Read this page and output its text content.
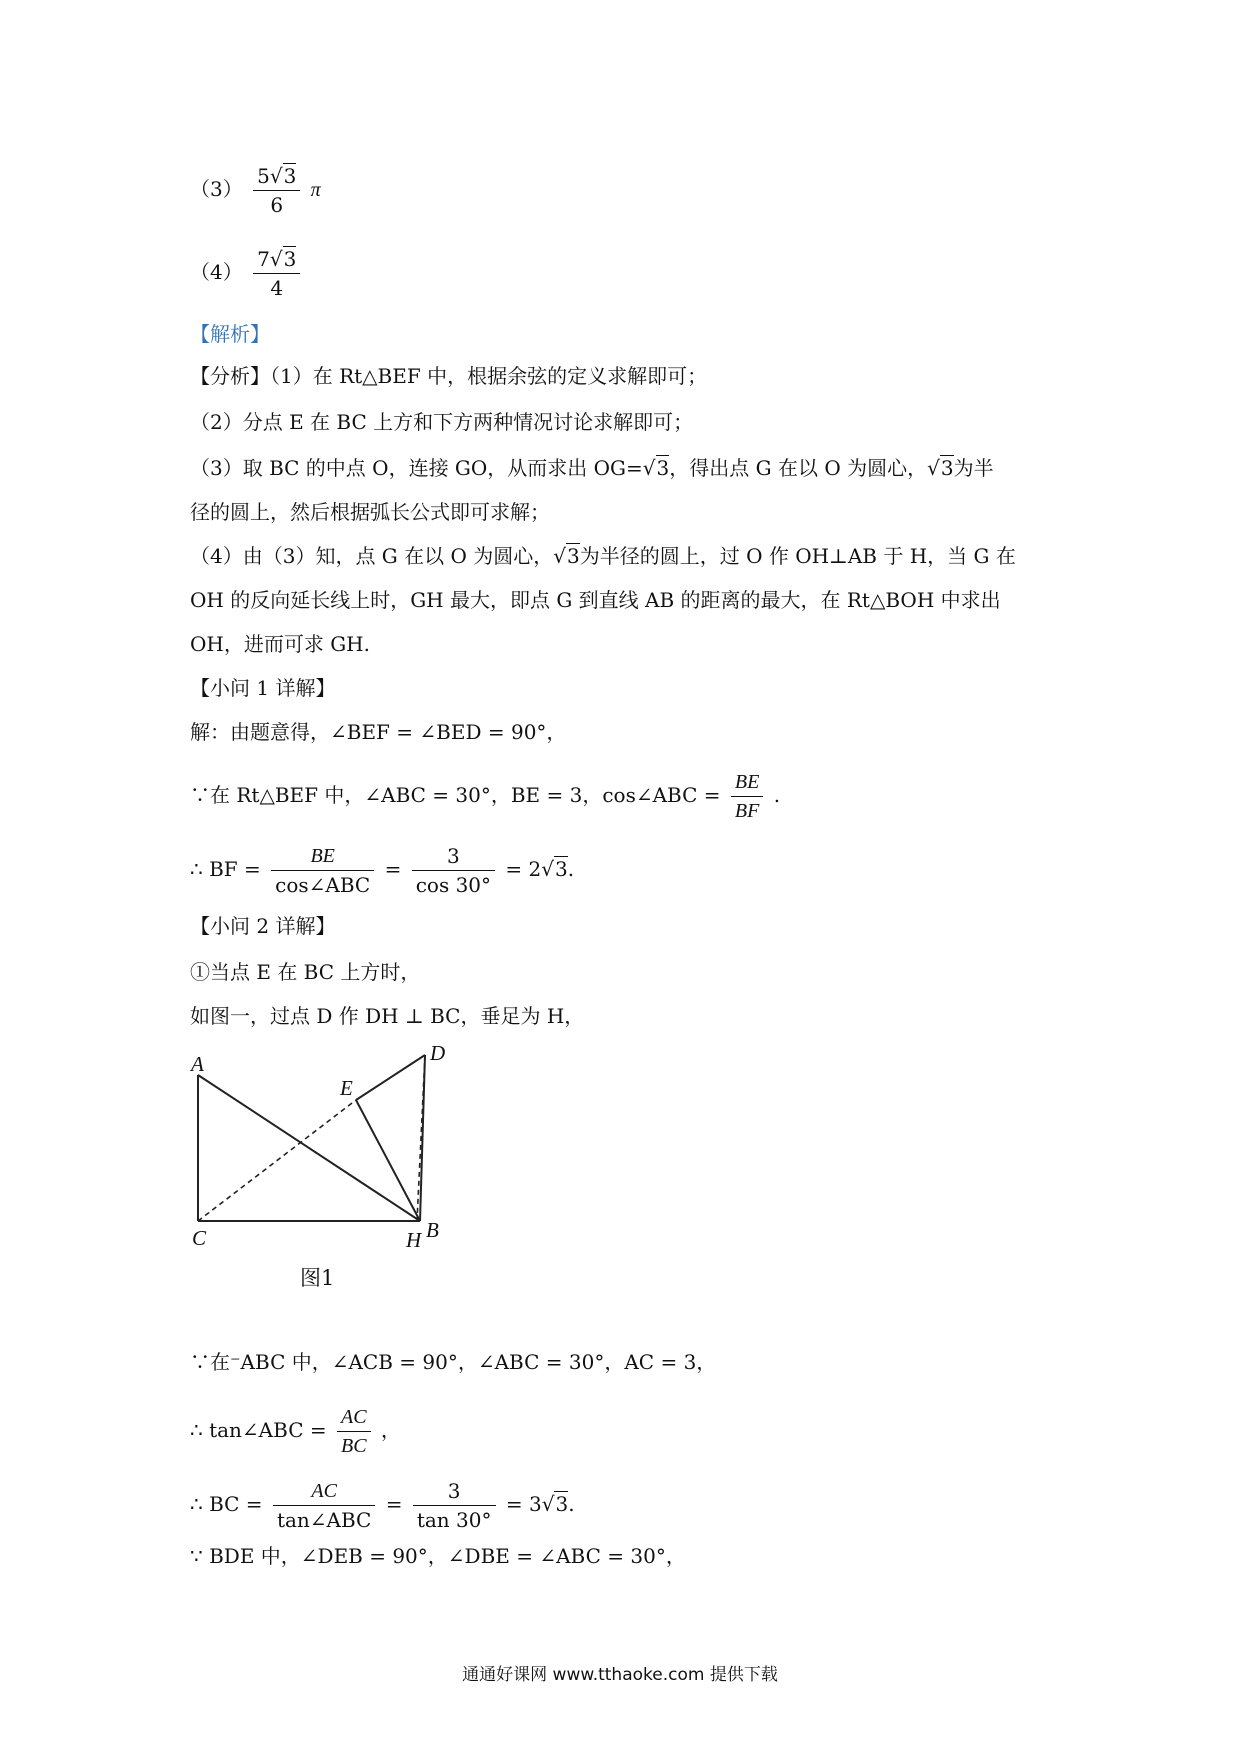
$(3) \frac{5√3}{6}$ π
$(4) \frac{7√3}{4}$
【解析】
【分析】（1）在 Rt△BEF 中，根据余弦的定义求解即可；
（2）分点 E 在 BC 上方和下方两种情况讨论求解即可；
（3）取 BC 的中点 O，连接 GO，从而求出 OG=√3，得出点 G 在以 O 为圆心，√3为半
径的圆上，然后根据弧长公式即可求解；
（4）由（3）知，点 G 在以 O 为圆心，√3为半径的圆上，过 O 作 OH⊥AB 于 H，当 G 在
OH 的反向延长线上时，GH 最大，即点 G 到直线 AB 的距离的最大，在 Rt△BOH 中求出
OH，进而可求 GH.
【小问 1 详解】
解：由题意得，∠BEF = ∠BED = 90°，
∵在 Rt△BEF 中，∠ABC = 30°，BE = 3，cos∠ABC = $\frac{BE}{BF}$ .
∴ BF = $\frac{BE}{\text{cos∠ABC}} = \frac{3}{\cos 30^\circ} = 2√3$.
【小问 2 详解】
①当点 E 在 BC 上方时，
如图一，过点 D 作 DH ⊥ BC，垂足为 H，
A
C	H B
D
E
图1
∵在⁻ABC 中，∠ACB = 90°，∠ABC = 30°，AC = 3，
∴ tan∠ABC = $\frac{AC}{BC}$ ，
∴ BC = $\frac{AC}{\text{tan∠ABC}} = \frac{3}{\tan 30^\circ} = 3√3$.
∵ BDE 中，∠DEB = 90°，∠DBE = ∠ABC = 30°，
通通好课网 www.tthaoke.com 提供下载
